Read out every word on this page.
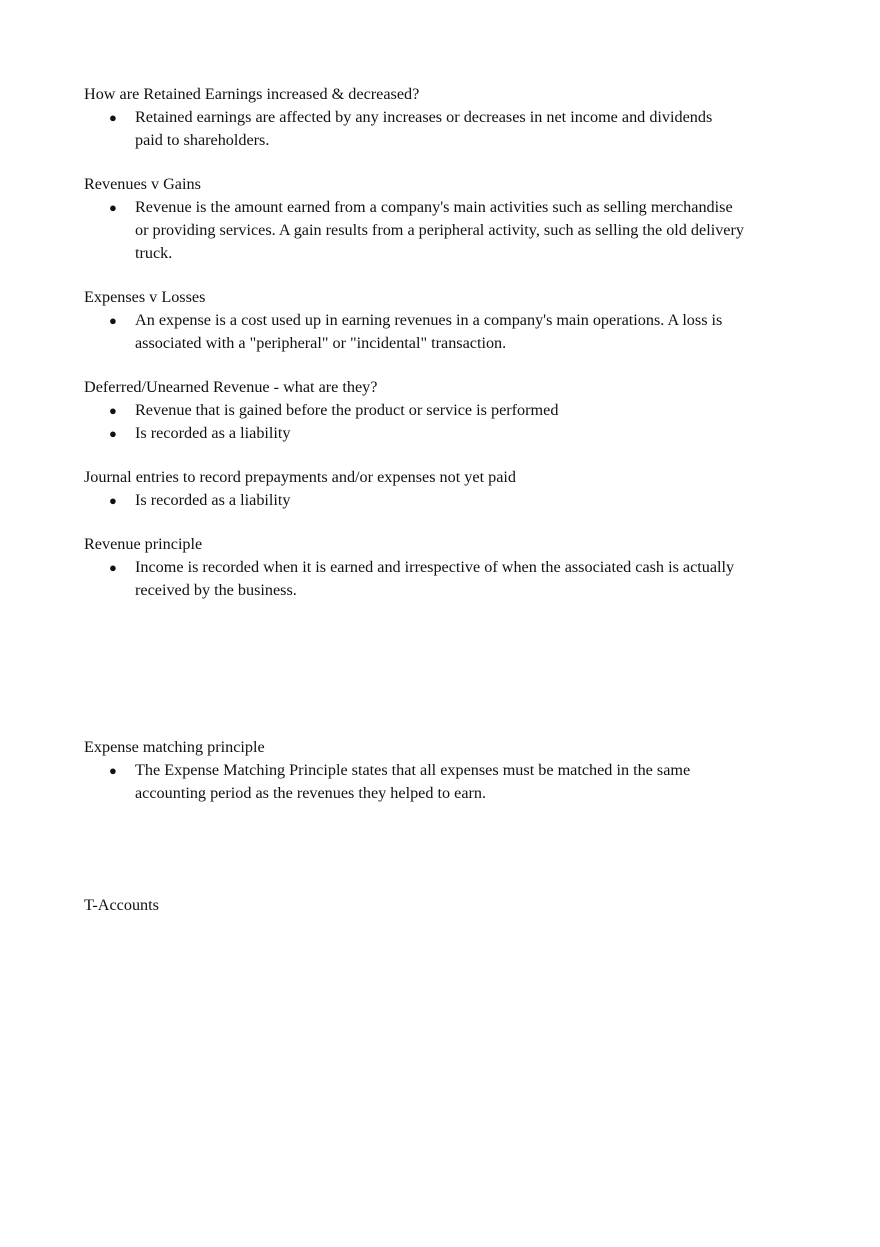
How are Retained Earnings increased & decreased?

● Retained earnings are affected by any increases or decreases in net income and dividends paid to shareholders.

Revenues v Gains

● Revenue is the amount earned from a company's main activities such as selling merchandise or providing services. A gain results from a peripheral activity, such as selling the old delivery truck.

Expenses v Losses

● An expense is a cost used up in earning revenues in a company's main operations. A loss is associated with a "peripheral" or "incidental" transaction.

Deferred/Unearned Revenue - what are they?

● Revenue that is gained before the product or service is performed
● Is recorded as a liability

Journal entries to record prepayments and/or expenses not yet paid

● Is recorded as a liability

Revenue principle

● Income is recorded when it is earned and irrespective of when the associated cash is actually received by the business.

Expense matching principle

● The Expense Matching Principle states that all expenses must be matched in the same accounting period as the revenues they helped to earn.

T-Accounts
